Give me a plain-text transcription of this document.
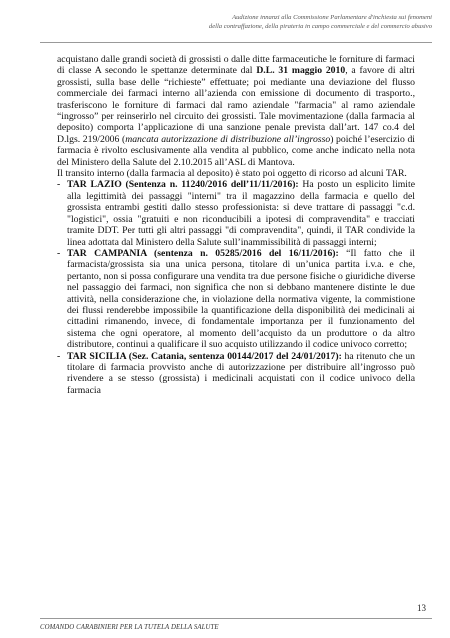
Audizione innanzi alla Commissione Parlamentare d'inchiesta sui fenomeni
della contraffazione, della pirateria in campo commerciale e del commercio abusivo

acquistano dalle grandi società di grossisti o dalle ditte farmaceutiche le forniture di farmaci di classe A secondo le spettanze determinate dal D.L. 31 maggio 2010, a favore di altri grossisti, sulla base delle “richieste” effettuate; poi mediante una deviazione del flusso commerciale dei farmaci interno all’azienda con emissione di documento di trasporto., trasferiscono le forniture di farmaci dal ramo aziendale "farmacia" al ramo aziendale “ingrosso” per reinserirlo nel circuito dei grossisti. Tale movimentazione (dalla farmacia al deposito) comporta l’applicazione di una sanzione penale prevista dall’art. 147 co.4 del D.lgs. 219/2006 (mancata autorizzazione di distribuzione all’ingrosso) poiché l’esercizio di farmacia è rivolto esclusivamente alla vendita al pubblico, come anche indicato nella nota del Ministero della Salute del 2.10.2015 all’ASL di Mantova.

Il transito interno (dalla farmacia al deposito) è stato poi oggetto di ricorso ad alcuni TAR.

- TAR LAZIO (Sentenza n. 11240/2016 dell’11/11/2016): Ha posto un esplicito limite alla legittimità dei passaggi "interni" tra il magazzino della farmacia e quello del grossista entrambi gestiti dallo stesso professionista: si deve trattare di passaggi "c.d. "logistici", ossia "gratuiti e non riconducibili a ipotesi di compravendita" e tracciati tramite DDT. Per tutti gli altri passaggi "di compravendita", quindi, il TAR condivide la linea adottata dal Ministero della Salute sull’inammissibilità di passaggi interni;
- TAR CAMPANIA (sentenza n. 05285/2016 del 16/11/2016): “Il fatto che il farmacista/grossista sia una unica persona, titolare di un’unica partita i.v.a. e che, pertanto, non si possa configurare una vendita tra due persone fisiche o giuridiche diverse nel passaggio dei farmaci, non significa che non si debbano mantenere distinte le due attività, nella considerazione che, in violazione della normativa vigente, la commistione dei flussi renderebbe impossibile la quantificazione della disponibilità dei medicinali ai cittadini rimanendo, invece, di fondamentale importanza per il funzionamento del sistema che ogni operatore, al momento dell’acquisto da un produttore o da altro distributore, continui a qualificare il suo acquisto utilizzando il codice univoco corretto;
- TAR SICILIA (Sez. Catania, sentenza 00144/2017 del 24/01/2017): ha ritenuto che un titolare di farmacia provvisto anche di autorizzazione per distribuire all’ingrosso può rivendere a se stesso (grossista) i medicinali acquistati con il codice univoco della farmacia
13
COMANDO CARABINIERI PER LA TUTELA DELLA SALUTE
